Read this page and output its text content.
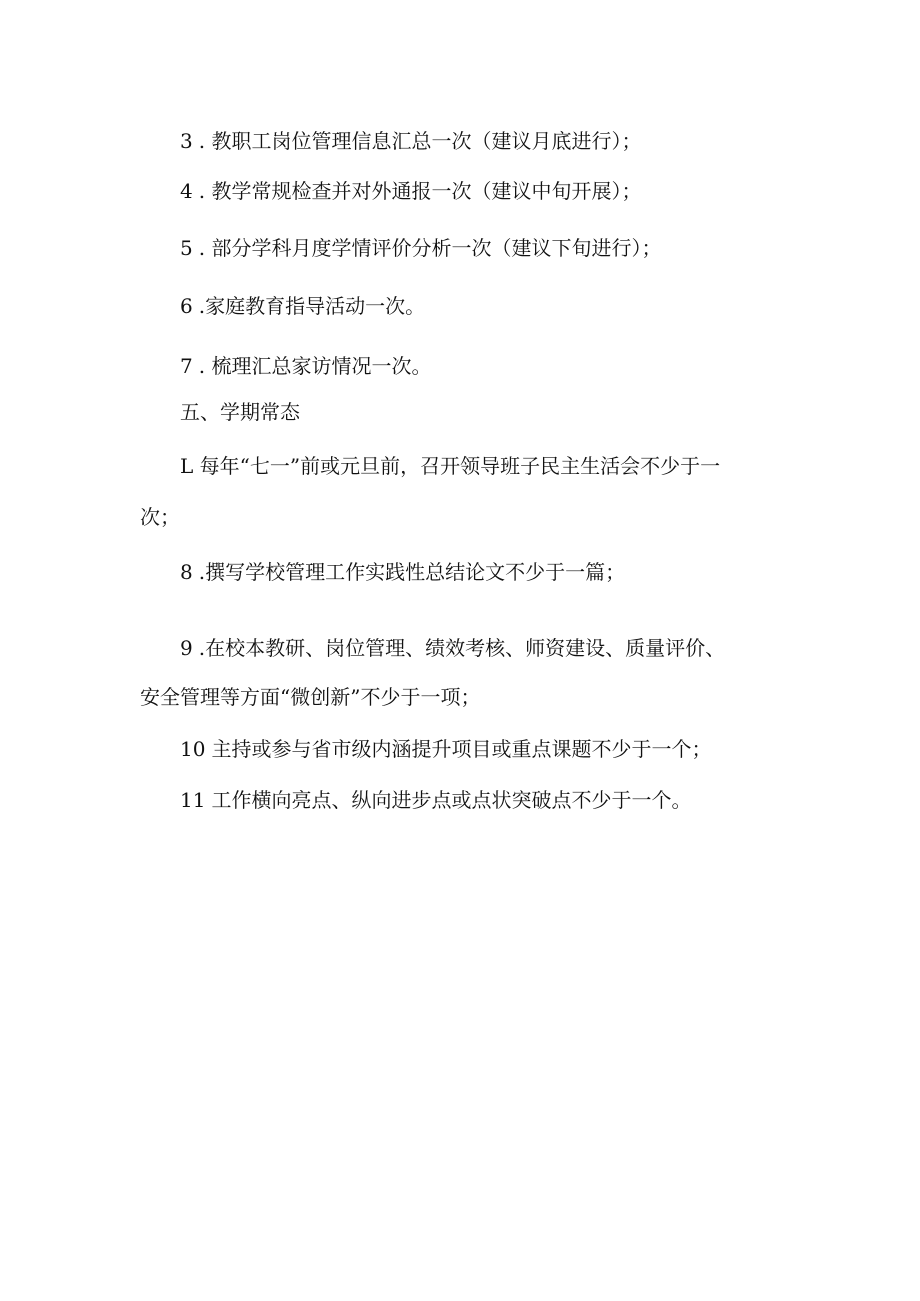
3 . 教职工岗位管理信息汇总一次（建议月底进行）；
4 . 教学常规检查并对外通报一次（建议中旬开展）；
5 . 部分学科月度学情评价分析一次（建议下旬进行）；
6 .家庭教育指导活动一次。
7 . 梳理汇总家访情况一次。
五、学期常态
L 每年“七一”前或元旦前，召开领导班子民主生活会不少于一
次；
8 .撰写学校管理工作实践性总结论文不少于一篇；
9 .在校本教研、岗位管理、绩效考核、师资建设、质量评价、
安全管理等方面“微创新”不少于一项；
10 主持或参与省市级内涵提升项目或重点课题不少于一个；
11 工作横向亮点、纵向进步点或点状突破点不少于一个。
